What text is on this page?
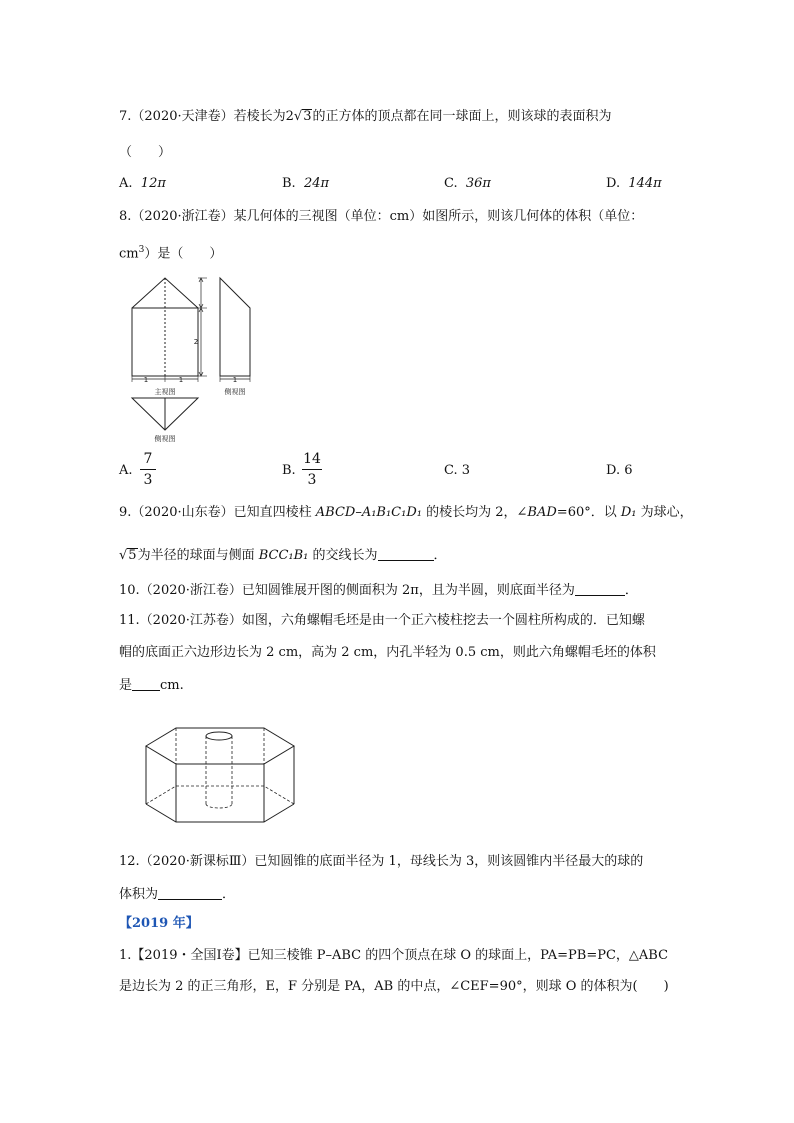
7.（2020·天津卷）若棱长为2√3的正方体的顶点都在同一球面上，则该球的表面积为
（　　）
A. 12π	B. 24π	C. 36π	D. 144π
8.（2020·浙江卷）某几何体的三视图（单位：cm）如图所示，则该几何体的体积（单位：
$cm^3$）是（　　）
1	1	1
2
主视图	侧视图
侧视图
A.
7
3
B.
14
3
C. 3	D. 6
9.（2020·山东卷）已知直四棱柱 ABCD–A₁B₁C₁D₁ 的棱长均为 2，∠BAD=60°．以 D₁ 为球心，
√5为半径的球面与侧面 BCC₁B₁ 的交线长为	．
10.（2020·浙江卷）已知圆锥展开图的侧面积为 2π，且为半圆，则底面半径为	．
11.（2020·江苏卷）如图，六角螺帽毛坯是由一个正六棱柱挖去一个圆柱所构成的．已知螺
帽的底面正六边形边长为 2 cm，高为 2 cm，内孔半轻为 0.5 cm，则此六角螺帽毛坯的体积
是 cm.
12.（2020·新课标Ⅲ）已知圆锥的底面半径为 1，母线长为 3，则该圆锥内半径最大的球的
体积为	．
【2019 年】
1.【2019・全国Ⅰ卷】已知三棱锥 P–ABC 的四个顶点在球 O 的球面上，PA=PB=PC，△ABC
是边长为 2 的正三角形，E，F 分别是 PA，AB 的中点，∠CEF=90°，则球 O 的体积为(　　)
